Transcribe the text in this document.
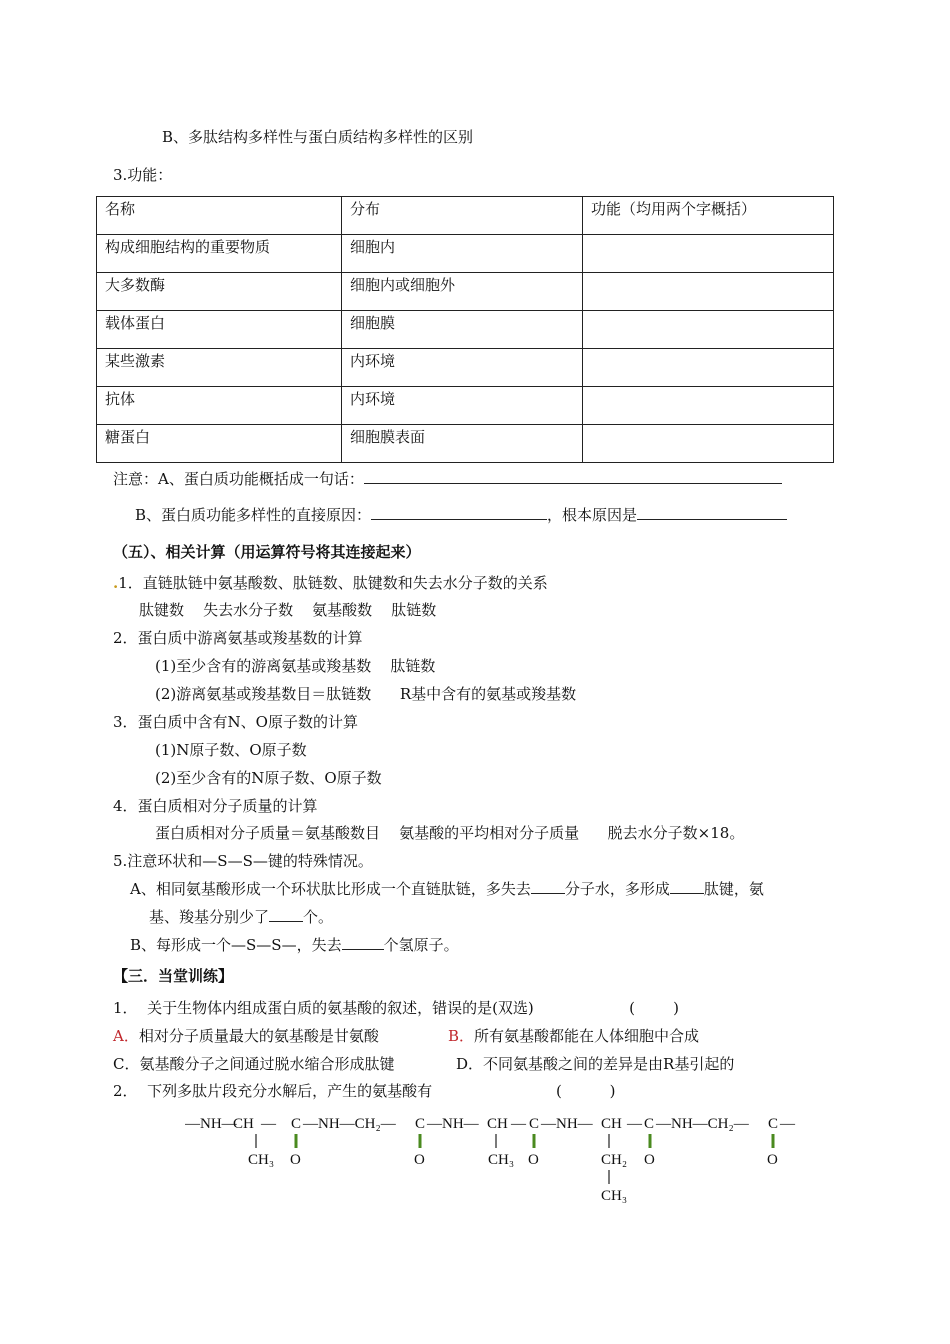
B、多肽结构多样性与蛋白质结构多样性的区别
3.功能：
名称	分布	功能（均用两个字概括）
构成细胞结构的重要物质	细胞内	
大多数酶	细胞内或细胞外	
载体蛋白	细胞膜	
某些激素	内环境	
抗体	内环境	
糖蛋白	细胞膜表面	
注意：A、蛋白质功能概括成一句话：
B、蛋白质功能多样性的直接原因：	，根本原因是
（五）、相关计算（用运算符号将其连接起来）
.1．直链肽链中氨基酸数、肽链数、肽键数和失去水分子数的关系
肽键数    失去水分子数    氨基酸数    肽链数
2．蛋白质中游离氨基或羧基数的计算
(1)至少含有的游离氨基或羧基数    肽链数
(2)游离氨基或羧基数目＝肽链数      R基中含有的氨基或羧基数
3．蛋白质中含有N、O原子数的计算
(1)N原子数、O原子数
(2)至少含有的N原子数、O原子数
4．蛋白质相对分子质量的计算
蛋白质相对分子质量＝氨基酸数目    氨基酸的平均相对分子质量      脱去水分子数×18。
5.注意环状和—S—S—键的特殊情况。
A、相同氨基酸形成一个环状肽比形成一个直链肽链，多失去 分子水，多形成 肽键，氨
基、羧基分别少了 个。
B、每形成一个—S—S—，失去	个氢原子。
【三．当堂训练】
1．  关于生物体内组成蛋白质的氨基酸的叙述，错误的是(双选)                    (        )
A．相对分子质量最大的氨基酸是甘氨酸	B．所有氨基酸都能在人体细胞中合成
C．氨基酸分子之间通过脱水缩合形成肽键	D．不同氨基酸之间的差异是由R基引起的
2．  下列多肽片段充分水解后，产生的氨基酸有                          (          )
—NH—
CH — C —NH—CH₂— C —NH— CH — C —NH— CH — C —NH—CH₂— C —
CH₃ O	O	CH₃ O	CH₂
CH₃
O	O
